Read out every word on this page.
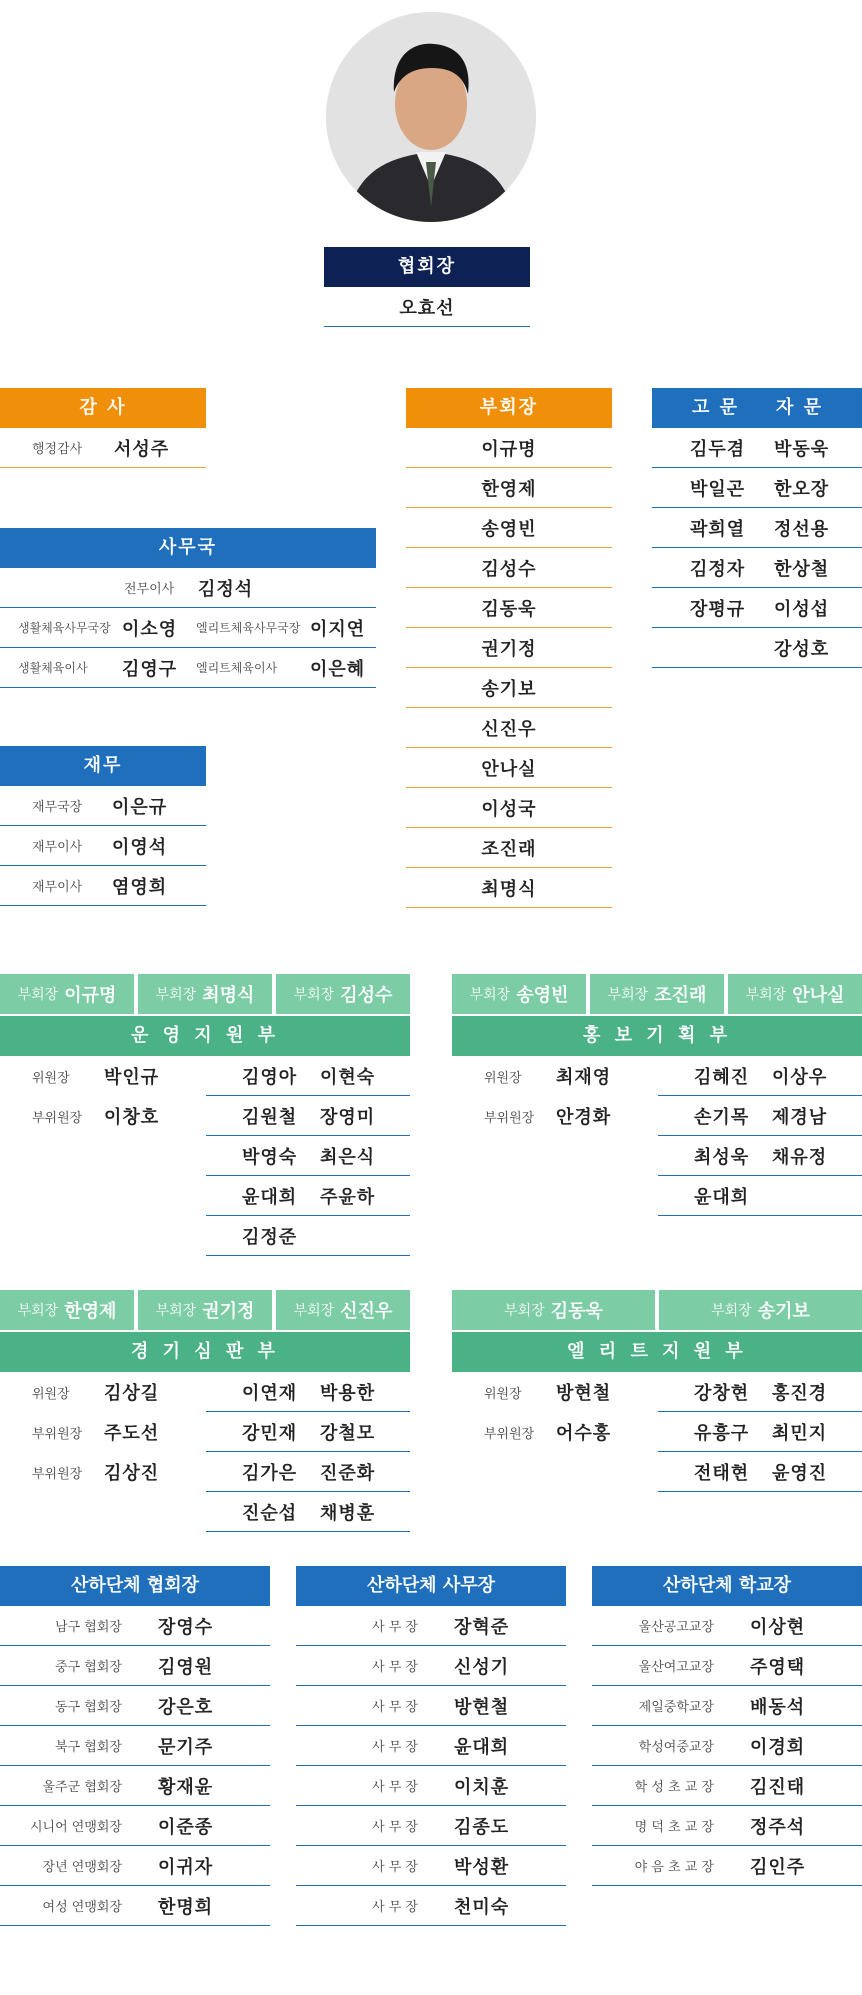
협회장
오효선
감 사
행정감사 서성주
사무국
전무이사 김정석
생활체육사무국장 이소영 엘리트체육사무국장 이지연
생활체육이사 김영구 엘리트체육이사 이은혜
재무
재무국장 이은규
재무이사 이영석
재무이사 염영희
부회장
이규명
한영제
송영빈
김성수
김동욱
권기정
송기보
신진우
안나실
이성국
조진래
최명식
고 문 자 문
김두겸 박동욱
박일곤 한오장
곽희열 정선용
김정자 한상철
장평규 이성섭
강성호
부회장 이규명	부회장 최명식	부회장 김성수
운 영 지 원 부
위원장 박인규
부위원장 이창호
김영아 이현숙
김원철 장영미
박영숙 최은식
윤대희 주윤하
김정준
부회장 송영빈	부회장 조진래	부회장 안나실
홍 보 기 획 부
위원장 최재영
부위원장 안경화
김혜진 이상우
손기목 제경남
최성욱 채유정
윤대희
부회장 한영제	부회장 권기정	부회장 신진우
경 기 심 판 부
위원장 김상길
부위원장 주도선
부위원장 김상진
이연재 박용한
강민재 강철모
김가은 진준화
진순섭 채병훈
부회장 김동욱	부회장 송기보
엘 리 트 지 원 부
위원장 방현철
부위원장 어수홍
강창현 홍진경
유흥구 최민지
전태현 윤영진
산하단체 협회장
남구 협회장 장영수
중구 협회장 김영원
동구 협회장 강은호
북구 협회장 문기주
울주군 협회장 황재윤
시니어 연맹회장 이준종
장년 연맹회장 이귀자
여성 연맹회장 한명희
산하단체 사무장
사 무 장 장혁준
사 무 장 신성기
사 무 장 방현철
사 무 장 윤대희
사 무 장 이치훈
사 무 장 김종도
사 무 장 박성환
사 무 장 천미숙
산하단체 학교장
울산공고교장 이상현
울산여고교장 주영택
제일중학교장 배동석
학성여중교장 이경희
학 성 초 교 장 김진태
명 덕 초 교 장 정주석
야 음 초 교 장 김인주
